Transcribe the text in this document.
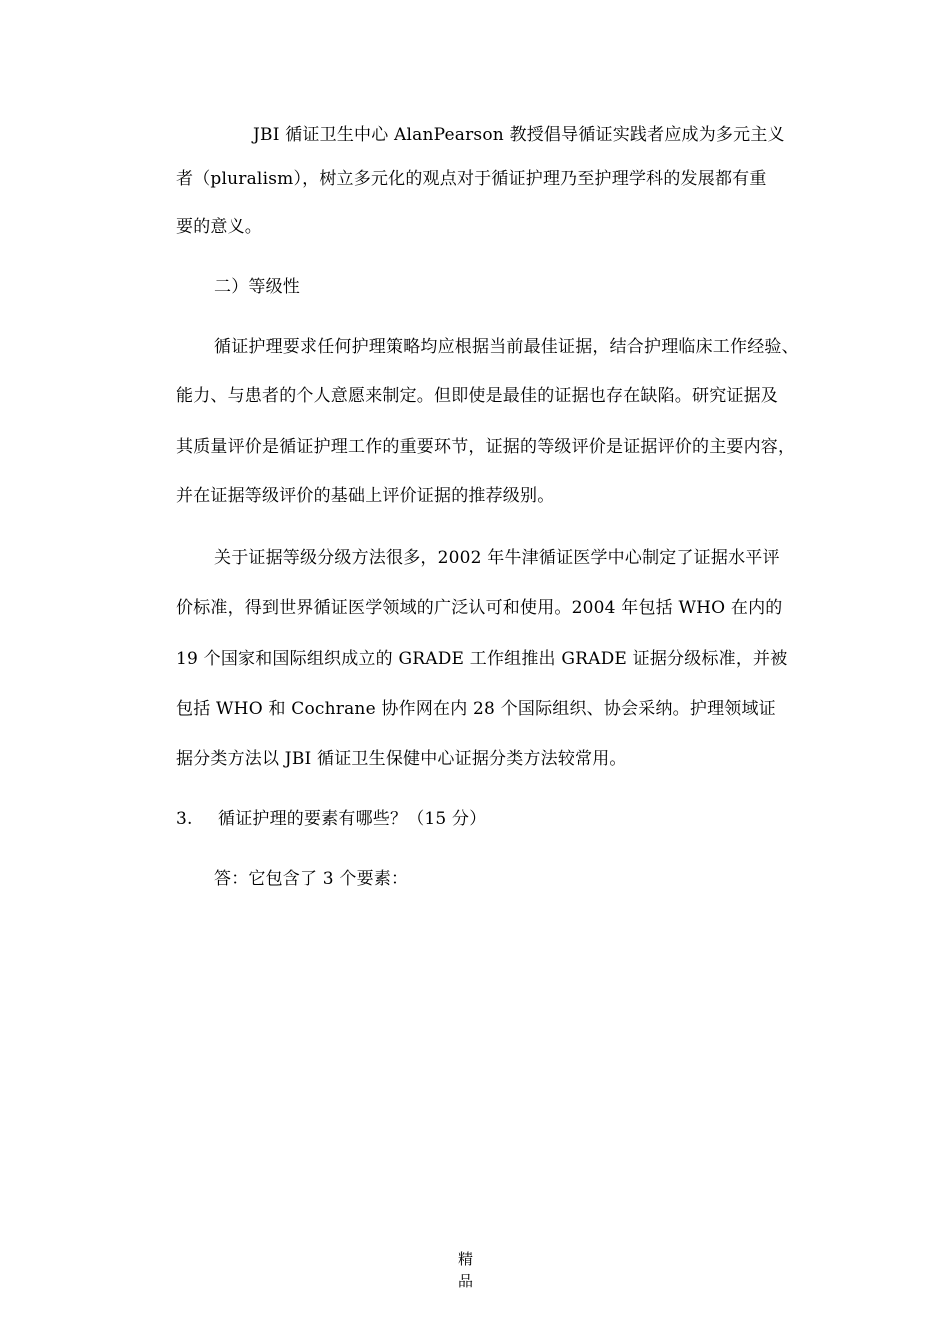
JBI 循证卫生中心 AlanPearson 教授倡导循证实践者应成为多元主义
者（pluralism），树立多元化的观点对于循证护理乃至护理学科的发展都有重
要的意义。
二）等级性
循证护理要求任何护理策略均应根据当前最佳证据，结合护理临床工作经验、
能力、与患者的个人意愿来制定。但即使是最佳的证据也存在缺陷。研究证据及
其质量评价是循证护理工作的重要环节，证据的等级评价是证据评价的主要内容，
并在证据等级评价的基础上评价证据的推荐级别。
关于证据等级分级方法很多，2002 年牛津循证医学中心制定了证据水平评
价标准，得到世界循证医学领域的广泛认可和使用。2004 年包括 WHO 在内的
19 个国家和国际组织成立的 GRADE 工作组推出 GRADE 证据分级标准，并被
包括 WHO 和 Cochrane 协作网在内 28 个国际组织、协会采纳。护理领域证
据分类方法以 JBI 循证卫生保健中心证据分类方法较常用。
3. 循证护理的要素有哪些？（15 分）
答：它包含了 3 个要素：
精
品
